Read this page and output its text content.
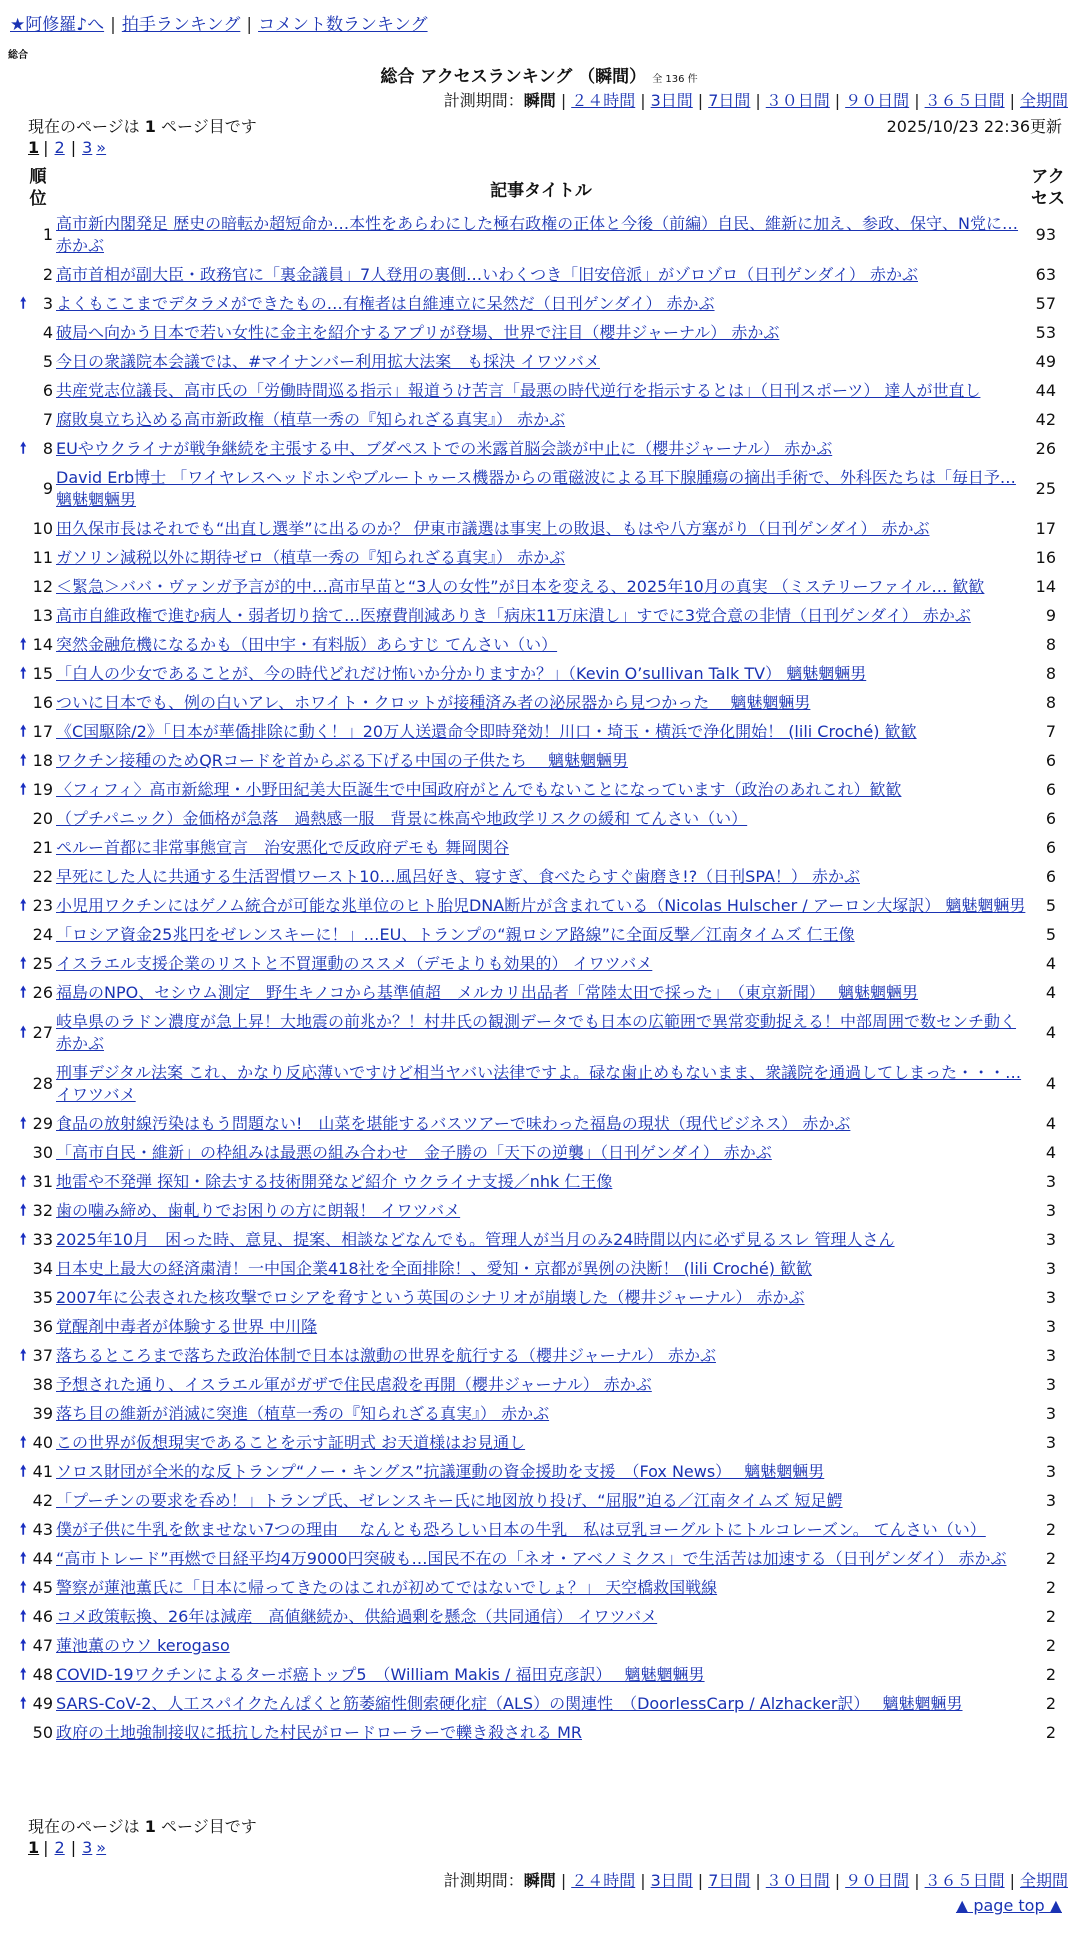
★阿修羅♪へ | 拍手ランキング | コメント数ランキング
総合
総合 アクセスランキング （瞬間） 全 136 件
計測期間：瞬間 | ２４時間 | 3日間 | 7日間 | ３０日間 | ９０日間 | ３６５日間 | 全期間
現在のページは 1 ページ目です	2025/10/23 22:36更新
1 | 2 | 3 »
順
位	記事タイトル	アク
セス
1	高市新内閣発足 歴史の暗転か超短命か…本性をあらわにした極右政権の正体と今後（前編）自民、維新に加え、参政、保守、N党に… 赤かぶ	93
2	高市首相が副大臣・政務官に「裏金議員」7人登用の裏側…いわくつき「旧安倍派」がゾロゾロ（日刊ゲンダイ） 赤かぶ	63

🠕 3	よくもここまでデタラメができたもの…有権者は自維連立に呆然だ（日刊ゲンダイ） 赤かぶ	57
4	破局へ向かう日本で若い女性に金主を紹介するアプリが登場、世界で注目（櫻井ジャーナル） 赤かぶ	53
5	今日の衆議院本会議では、#マイナンバー利用拡大法案　も採決 イワツバメ	49
6	共産党志位議長、高市氏の「労働時間巡る指示」報道うけ苦言「最悪の時代逆行を指示するとは」（日刊スポーツ） 達人が世直し	44
7	腐敗臭立ち込める高市新政権（植草一秀の『知られざる真実』） 赤かぶ	42

🠕 8	EUやウクライナが戦争継続を主張する中、ブダペストでの米露首脳会談が中止に（櫻井ジャーナル） 赤かぶ	26
9	David Erb博士 「ワイヤレスヘッドホンやブルートゥース機器からの電磁波による耳下腺腫瘍の摘出手術で、外科医たちは「毎日予… 魑魅魍魎男	25
10	田久保市長はそれでも“出直し選挙”に出るのか？ 伊東市議選は事実上の敗退、もはや八方塞がり（日刊ゲンダイ） 赤かぶ	17
11	ガソリン減税以外に期待ゼロ（植草一秀の『知られざる真実』） 赤かぶ	16
12	＜緊急＞ババ・ヴァンガ予言が的中…高市早苗と“3人の女性”が日本を変える、2025年10月の真実 （ミステリーファイル… 歓歓	14
13	高市自維政権で進む病人・弱者切り捨て…医療費削減ありき「病床11万床潰し」すでに3党合意の非情（日刊ゲンダイ） 赤かぶ	9

🠕 14	突然金融危機になるかも（田中宇・有料版）あらすじ てんさい（い）	8

🠕 15	「白人の少女であることが、今の時代どれだけ怖いか分かりますか？」（Kevin O’sullivan Talk TV） 魑魅魍魎男	8
16	ついに日本でも、例の白いアレ、ホワイト・クロットが接種済み者の泌尿器から見つかった　 魑魅魍魎男	8

🠕 17	《C国駆除/2》「日本が華僑排除に動く！」20万人送還命令即時発効！川口・埼玉・横浜で浄化開始！ (lili Croché) 歓歓	7

🠕 18	ワクチン接種のためQRコードを首からぶる下げる中国の子供たち　 魑魅魍魎男	6

🠕 19	〈フィフィ〉高市新総理・小野田紀美大臣誕生で中国政府がとんでもないことになっています（政治のあれこれ）歓歓	6
20	（プチパニック）金価格が急落　過熱感一服　背景に株高や地政学リスクの緩和 てんさい（い）	6
21	ペルー首都に非常事態宣言　治安悪化で反政府デモも 舞岡関谷	6
22	早死にした人に共通する生活習慣ワースト10…風呂好き、寝すぎ、食べたらすぐ歯磨き!?（日刊SPA！） 赤かぶ	6

🠕 23	小児用ワクチンにはゲノム統合が可能な兆単位のヒト胎児DNA断片が含まれている（Nicolas Hulscher / アーロン大塚訳） 魑魅魍魎男	5
24	「ロシア資金25兆円をゼレンスキーに！」…EU、トランプの“親ロシア路線”に全面反撃／江南タイムズ 仁王像	5

🠕 25	イスラエル支援企業のリストと不買運動のススメ（デモよりも効果的） イワツバメ	4

🠕 26	福島のNPO、セシウム測定　野生キノコから基準値超　メルカリ出品者「常陸太田で採った」　（東京新聞）　 魑魅魍魎男	4

🠕 27	岐阜県のラドン濃度が急上昇！大地震の前兆か？！村井氏の観測データでも日本の広範囲で異常変動捉える！中部周囲で数センチ動く 赤かぶ	4
28	刑事デジタル法案 これ、かなり反応薄いですけど相当ヤバい法律ですよ。碌な歯止めもないまま、衆議院を通過してしまった・・・… イワツバメ	4

🠕 29	食品の放射線汚染はもう問題ない!　山菜を堪能するバスツアーで味わった福島の現状（現代ビジネス） 赤かぶ	4
30	「高市自民・維新」の枠組みは最悪の組み合わせ　金子勝の「天下の逆襲」（日刊ゲンダイ） 赤かぶ	4

🠕 31	地雷や不発弾 探知・除去する技術開発など紹介 ウクライナ支援／nhk 仁王像	3

🠕 32	歯の噛み締め、歯軋りでお困りの方に朗報！ イワツバメ	3

🠕 33	2025年10月　困った時、意見、提案、相談などなんでも。管理人が当月のみ24時間以内に必ず見るスレ 管理人さん	3
34	日本史上最大の経済粛清！一中国企業418社を全面排除！、愛知・京都が異例の決断！ (lili Croché) 歓歓	3
35	2007年に公表された核攻撃でロシアを脅すという英国のシナリオが崩壊した（櫻井ジャーナル） 赤かぶ	3
36	覚醒剤中毒者が体験する世界 中川隆	3

🠕 37	落ちるところまで落ちた政治体制で日本は激動の世界を航行する（櫻井ジャーナル） 赤かぶ	3
38	予想された通り、イスラエル軍がガザで住民虐殺を再開（櫻井ジャーナル） 赤かぶ	3
39	落ち目の維新が消滅に突進（植草一秀の『知られざる真実』） 赤かぶ	3

🠕 40	この世界が仮想現実であることを示す証明式 お天道様はお見通し	3

🠕 41	ソロス財団が全米的な反トランプ“ノー・キングス”抗議運動の資金援助を支援　（Fox News）　 魑魅魍魎男	3
42	「プーチンの要求を呑め！」トランプ氏、ゼレンスキー氏に地図放り投げ、“屈服”迫る／江南タイムズ 短足鰐	3

🠕 43	僕が子供に牛乳を飲ませない7つの理由　 なんとも恐ろしい日本の牛乳　私は豆乳ヨーグルトにトルコレーズン。 てんさい（い）	2

🠕 44	“高市トレード”再燃で日経平均4万9000円突破も…国民不在の「ネオ・アベノミクス」で生活苦は加速する（日刊ゲンダイ） 赤かぶ	2

🠕 45	警察が蓮池薫氏に「日本に帰ってきたのはこれが初めてではないでしょ？」 天空橋救国戦線	2

🠕 46	コメ政策転換、26年は減産　高値継続か、供給過剰を懸念（共同通信） イワツバメ	2

🠕 47	蓮池薫のウソ kerogaso	2

🠕 48	COVID-19ワクチンによるターボ癌トップ5　（William Makis / 福田克彦訳）　 魑魅魍魎男	2

🠕 49	SARS-CoV-2、人工スパイクたんぱくと筋萎縮性側索硬化症（ALS）の関連性　（DoorlessCarp / Alzhacker訳）　 魑魅魍魎男	2
50	政府の土地強制接収に抵抗した村民がロードローラーで轢き殺される MR	2
現在のページは 1 ページ目です
1 | 2 | 3 »
計測期間：瞬間 | ２４時間 | 3日間 | 7日間 | ３０日間 | ９０日間 | ３６５日間 | 全期間
▲ page top ▲
